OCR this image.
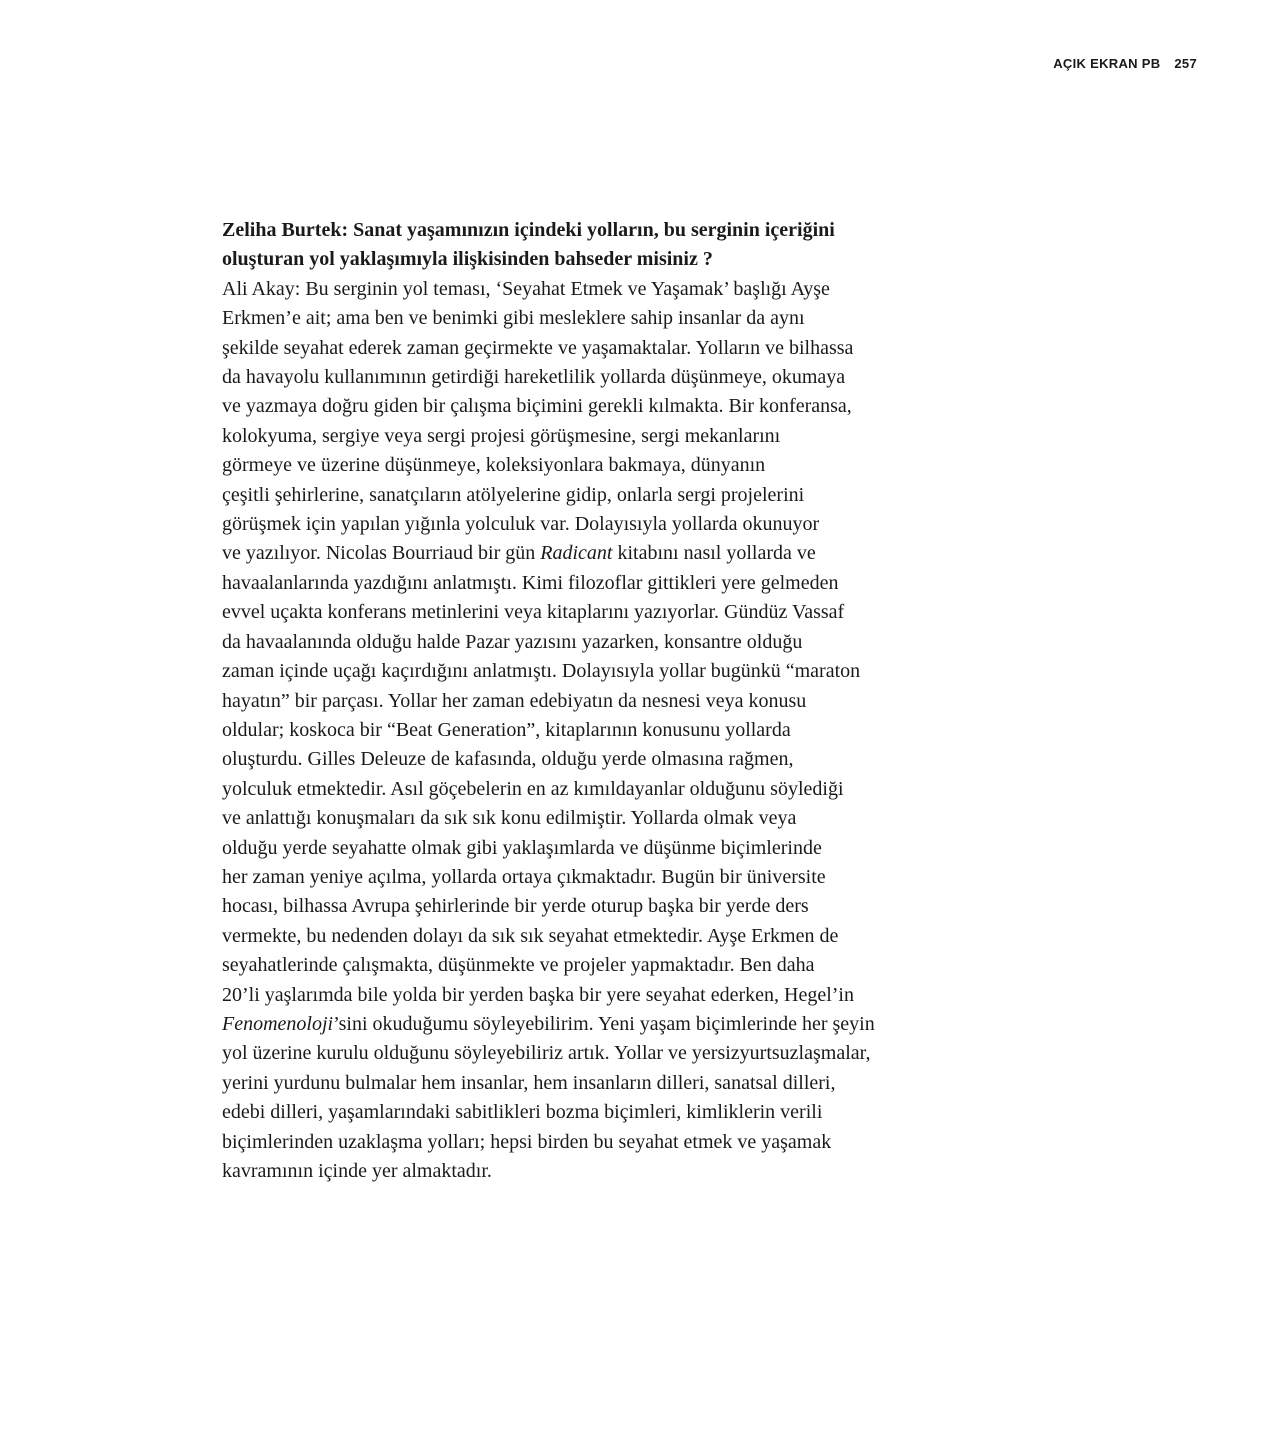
AÇIK EKRAN PB 257
Zeliha Burtek: Sanat yaşamınızın içindeki yolların, bu serginin içeriğini
oluşturan yol yaklaşımıyla ilişkisinden bahseder misiniz ?
Ali Akay: Bu serginin yol teması, ‘Seyahat Etmek ve Yaşamak’ başlığı Ayşe
Erkmen’e ait; ama ben ve benimki gibi mesleklere sahip insanlar da aynı
şekilde seyahat ederek zaman geçirmekte ve yaşamaktalar. Yolların ve bilhassa
da havayolu kullanımının getirdiği hareketlilik yollarda düşünmeye, okumaya
ve yazmaya doğru giden bir çalışma biçimini gerekli kılmakta. Bir konferansa,
kolokyuma, sergiye veya sergi projesi görüşmesine, sergi mekanlarını
görmeye ve üzerine düşünmeye, koleksiyonlara bakmaya, dünyanın
çeşitli şehirlerine, sanatçıların atölyelerine gidip, onlarla sergi projelerini
görüşmek için yapılan yığınla yolculuk var. Dolayısıyla yollarda okunuyor
ve yazılıyor. Nicolas Bourriaud bir gün Radicant kitabını nasıl yollarda ve
havaalanlarında yazdığını anlatmıştı. Kimi filozoflar gittikleri yere gelmeden
evvel uçakta konferans metinlerini veya kitaplarını yazıyorlar. Gündüz Vassaf
da havaalanında olduğu halde Pazar yazısını yazarken, konsantre olduğu
zaman içinde uçağı kaçırdığını anlatmıştı. Dolayısıyla yollar bugünkü “maraton
hayatın” bir parçası. Yollar her zaman edebiyatın da nesnesi veya konusu
oldular; koskoca bir “Beat Generation”, kitaplarının konusunu yollarda
oluşturdu. Gilles Deleuze de kafasında, olduğu yerde olmasına rağmen,
yolculuk etmektedir. Asıl göçebelerin en az kımıldayanlar olduğunu söylediği
ve anlattığı konuşmaları da sık sık konu edilmiştir. Yollarda olmak veya
olduğu yerde seyahatte olmak gibi yaklaşımlarda ve düşünme biçimlerinde
her zaman yeniye açılma, yollarda ortaya çıkmaktadır. Bugün bir üniversite
hocası, bilhassa Avrupa şehirlerinde bir yerde oturup başka bir yerde ders
vermekte, bu nedenden dolayı da sık sık seyahat etmektedir. Ayşe Erkmen de
seyahatlerinde çalışmakta, düşünmekte ve projeler yapmaktadır. Ben daha
20’li yaşlarımda bile yolda bir yerden başka bir yere seyahat ederken, Hegel’in
Fenomenoloji’sini okuduğumu söyleyebilirim. Yeni yaşam biçimlerinde her şeyin
yol üzerine kurulu olduğunu söyleyebiliriz artık. Yollar ve yersizyurtsuzlaşmalar,
yerini yurdunu bulmalar hem insanlar, hem insanların dilleri, sanatsal dilleri,
edebi dilleri, yaşamlarındaki sabitlikleri bozma biçimleri, kimliklerin verili
biçimlerinden uzaklaşma yolları; hepsi birden bu seyahat etmek ve yaşamak
kavramının içinde yer almaktadır.
